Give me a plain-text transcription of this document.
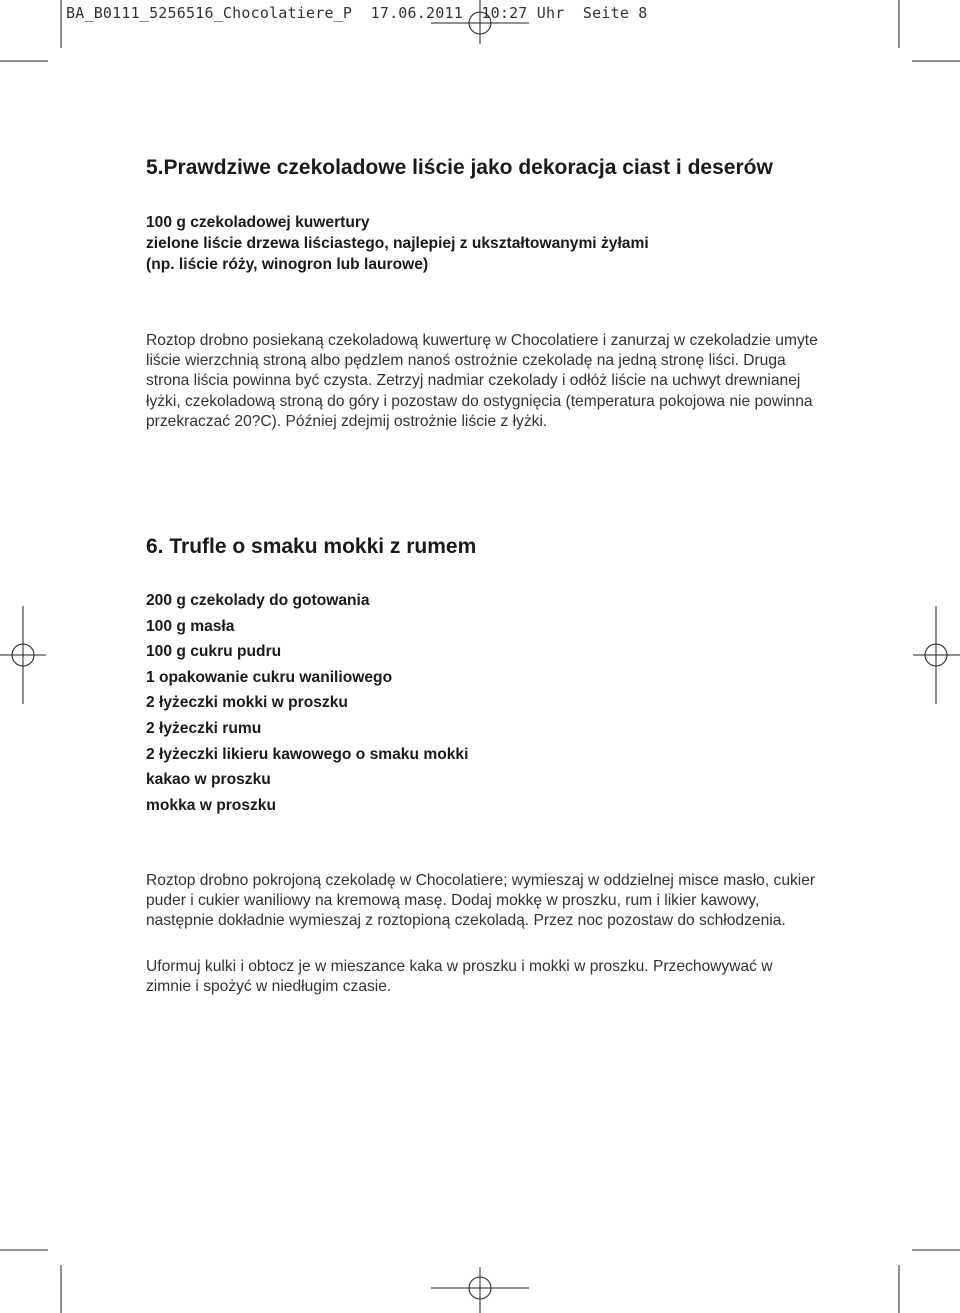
BA_B0111_5256516_Chocolatiere_P  17.06.2011  10:27 Uhr  Seite 8
5.Prawdziwe czekoladowe liście jako dekoracja ciast i deserów
100 g czekoladowej kuwertury
zielone liście drzewa liściastego, najlepiej z ukształtowanymi żyłami
(np. liście róży, winogron lub laurowe)

Roztop drobno posiekaną czekoladową kuwerturę w Chocolatiere i zanurzaj w czekoladzie umyte liście wierzchnią stroną albo pędzlem nanoś ostrożnie czekoladę na jedną stronę liści. Druga strona liścia powinna być czysta. Zetrzyj nadmiar czekolady i odłóż liście na uchwyt drewnianej łyżki, czekoladową stroną do góry i pozostaw do ostygnięcia (temperatura pokojowa nie powinna przekraczać 20?C). Później zdejmij ostrożnie liście z łyżki.

6. Trufle o smaku mokki z rumem
200 g czekolady do gotowania
100 g masła
100 g cukru pudru
1 opakowanie cukru waniliowego
2 łyżeczki mokki w proszku
2 łyżeczki rumu
2 łyżeczki likieru kawowego o smaku mokki
kakao w proszku
mokka w proszku

Roztop drobno pokrojoną czekoladę w Chocolatiere; wymieszaj w oddzielnej misce masło, cukier puder i cukier waniliowy na kremową masę. Dodaj mokkę w proszku, rum i likier kawowy, następnie dokładnie wymieszaj z roztopioną czekoladą. Przez noc pozostaw do schłodzenia.

Uformuj kulki i obtocz je w mieszance kaka w proszku i mokki w proszku. Przechowywać w zimnie i spożyć w niedługim czasie.
